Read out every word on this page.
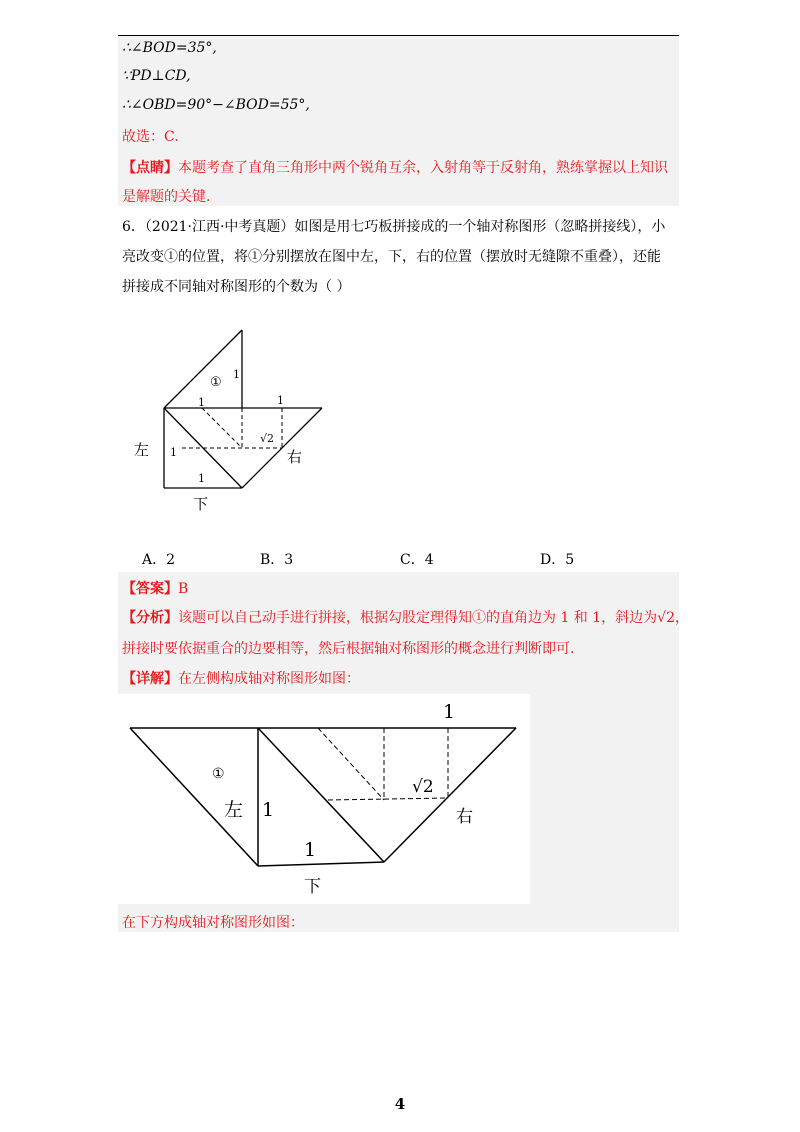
∴∠BOD=35°,
∵PD⊥CD,
∴∠OBD=90°−∠BOD=55°,
故选：C.
【点睛】本题考查了直角三角形中两个锐角互余，入射角等于反射角，熟练掌握以上知识
是解题的关键.
6．（2021·江西·中考真题）如图是用七巧板拼接成的一个轴对称图形（忽略拼接线），小
亮改变①的位置，将①分别摆放在图中左，下，右的位置（摆放时无缝隙不重叠），还能
拼接成不同轴对称图形的个数为（ ）
①
1
1	1
1
1
√2
左	右
下
A．2	B．3	C．4	D．5
【答案】B
【分析】该题可以自己动手进行拼接，根据勾股定理得知①的直角边为 1 和 1，斜边为√2，
拼接时要依据重合的边要相等，然后根据轴对称图形的概念进行判断即可.
【详解】在左侧构成轴对称图形如图：
①
左 1
1
1
√2
右
下
在下方构成轴对称图形如图：
4
